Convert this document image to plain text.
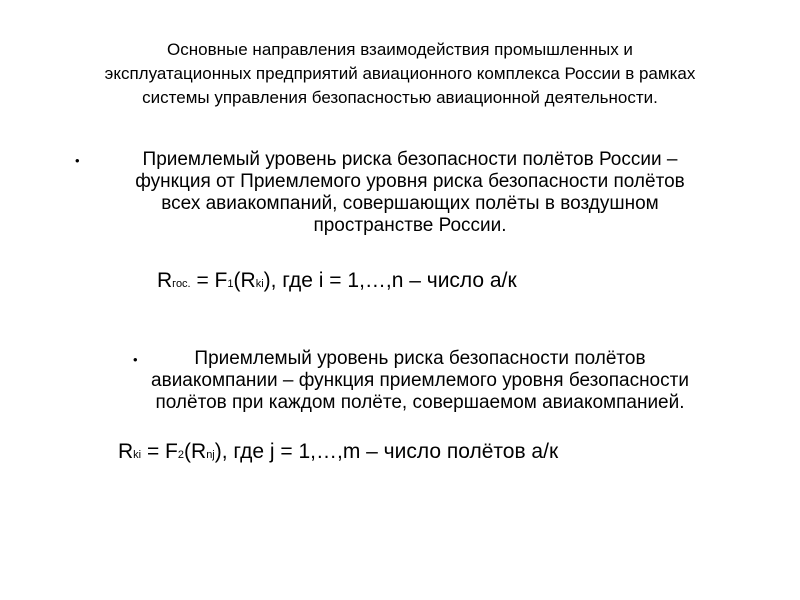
Основные направления взаимодействия промышленных и
эксплуатационных предприятий авиационного комплекса России в рамках
системы управления безопасностью авиационной деятельности.
•	Приемлемый уровень риска безопасности полётов России –
функция от Приемлемого уровня риска безопасности полётов
всех авиакомпаний, совершающих полёты в воздушном
пространстве России.
Rгос. = F1(Rki), где i = 1,…,n – число а/к
•	Приемлемый уровень риска безопасности полётов
авиакомпании – функция приемлемого уровня безопасности
полётов при каждом полёте, совершаемом авиакомпанией.
Rki = F2(Rnj), где j = 1,…,m – число полётов а/к
